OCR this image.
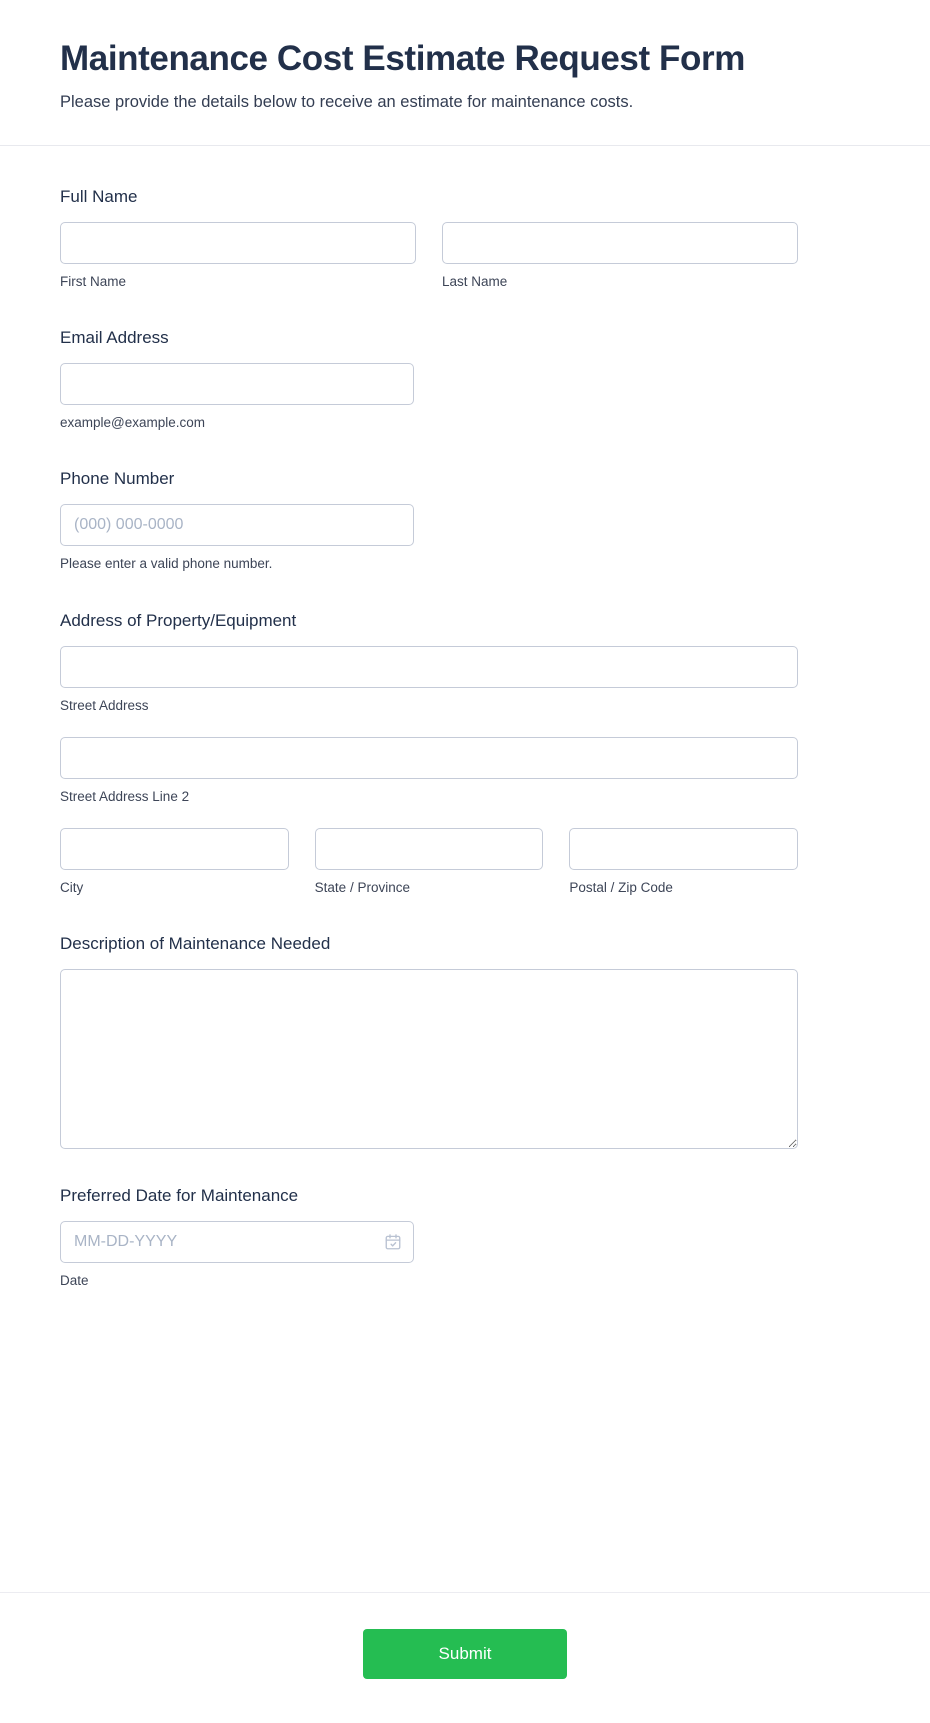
Maintenance Cost Estimate Request Form

Please provide the details below to receive an estimate for maintenance costs.

Full Name
First Name	Last Name
Email Address
example@example.com
Phone Number
(000) 000-0000
Please enter a valid phone number.
Address of Property/Equipment
Street Address
Street Address Line 2
City	State / Province	Postal / Zip Code
Description of Maintenance Needed
Preferred Date for Maintenance
MM-DD-YYYY
Date
Submit
